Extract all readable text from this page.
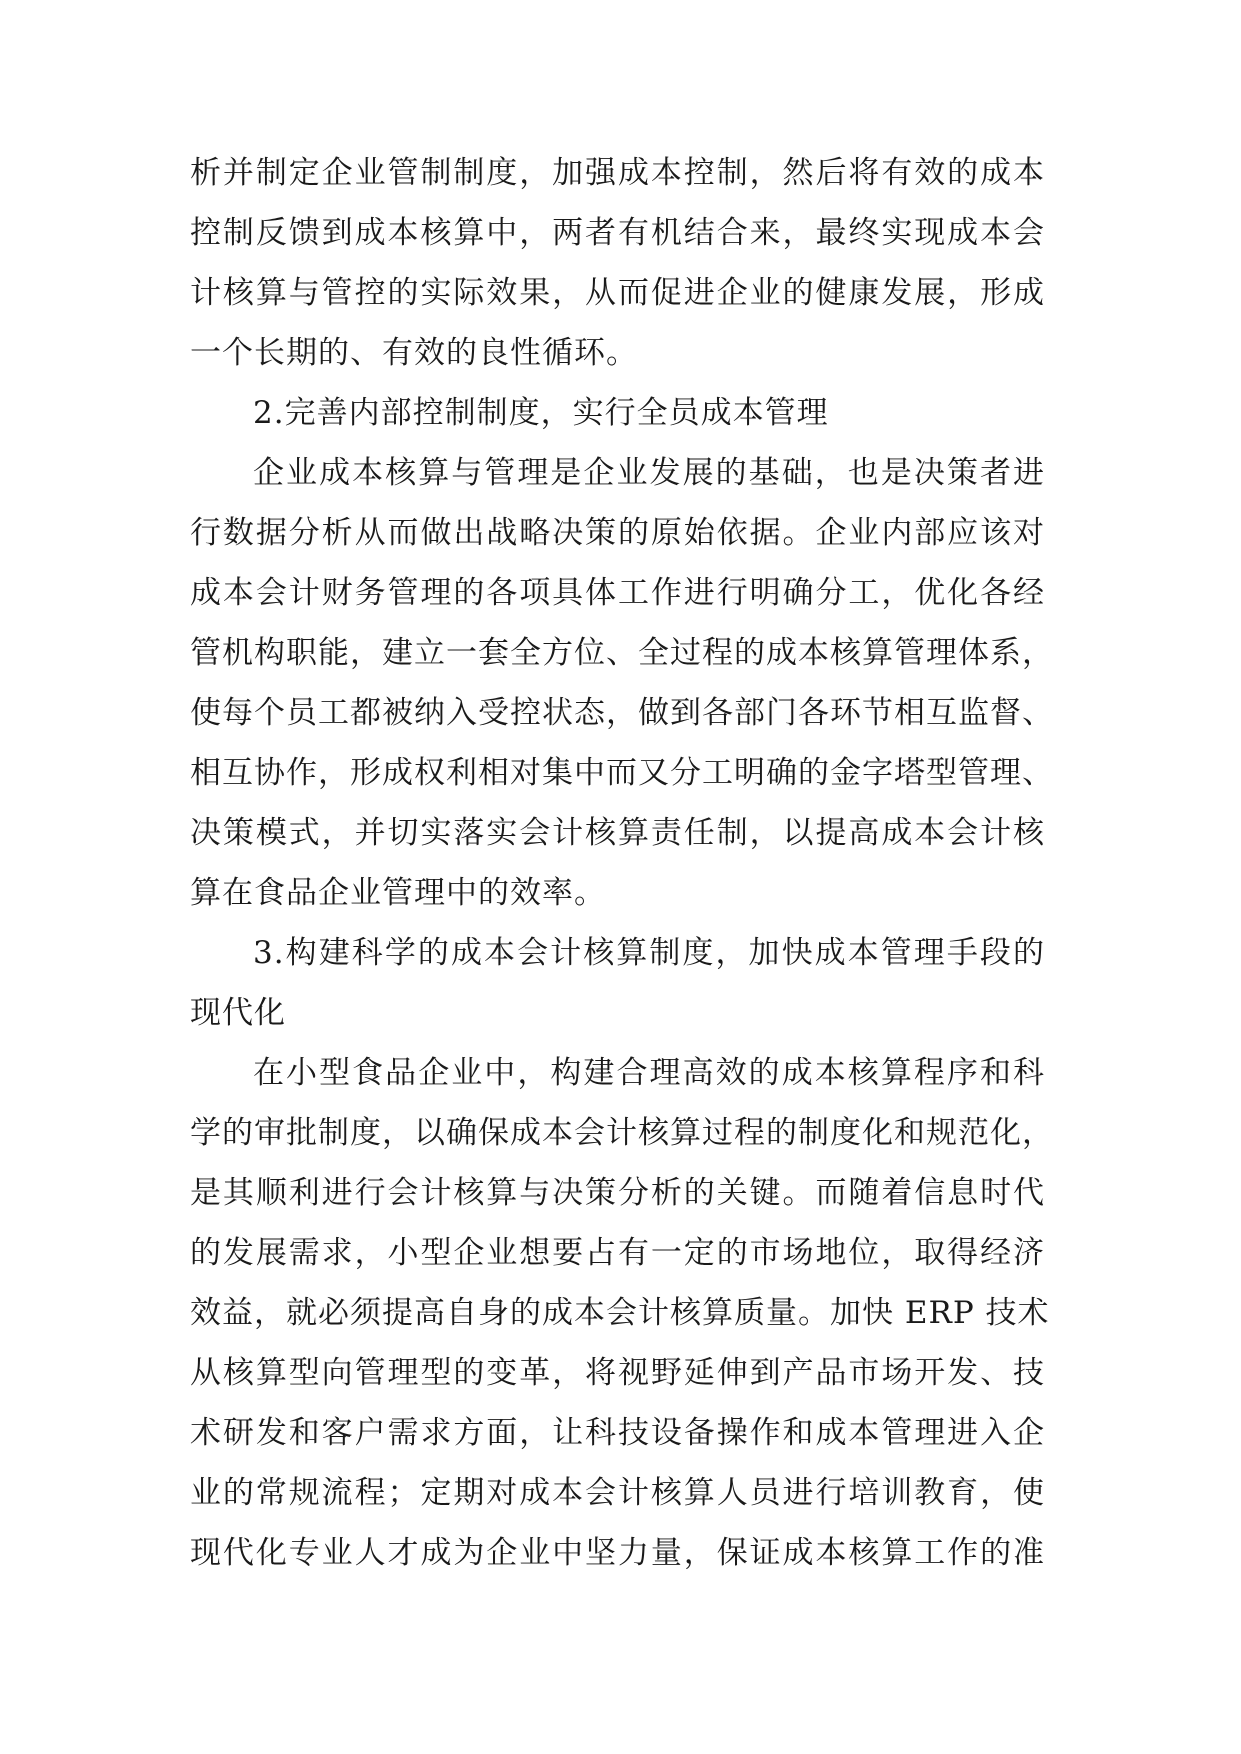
析并制定企业管制制度，加强成本控制，然后将有效的成本
控制反馈到成本核算中，两者有机结合来，最终实现成本会
计核算与管控的实际效果，从而促进企业的健康发展，形成
一个长期的、有效的良性循环。
2.完善内部控制制度，实行全员成本管理
企业成本核算与管理是企业发展的基础，也是决策者进
行数据分析从而做出战略决策的原始依据。企业内部应该对
成本会计财务管理的各项具体工作进行明确分工，优化各经
管机构职能，建立一套全方位、全过程的成本核算管理体系，
使每个员工都被纳入受控状态，做到各部门各环节相互监督、
相互协作，形成权利相对集中而又分工明确的金字塔型管理、
决策模式，并切实落实会计核算责任制，以提高成本会计核
算在食品企业管理中的效率。
3.构建科学的成本会计核算制度，加快成本管理手段的
现代化
在小型食品企业中，构建合理高效的成本核算程序和科
学的审批制度，以确保成本会计核算过程的制度化和规范化，
是其顺利进行会计核算与决策分析的关键。而随着信息时代
的发展需求，小型企业想要占有一定的市场地位，取得经济
效益，就必须提高自身的成本会计核算质量。加快 ERP 技术
从核算型向管理型的变革，将视野延伸到产品市场开发、技
术研发和客户需求方面，让科技设备操作和成本管理进入企
业的常规流程；定期对成本会计核算人员进行培训教育，使
现代化专业人才成为企业中坚力量，保证成本核算工作的准
